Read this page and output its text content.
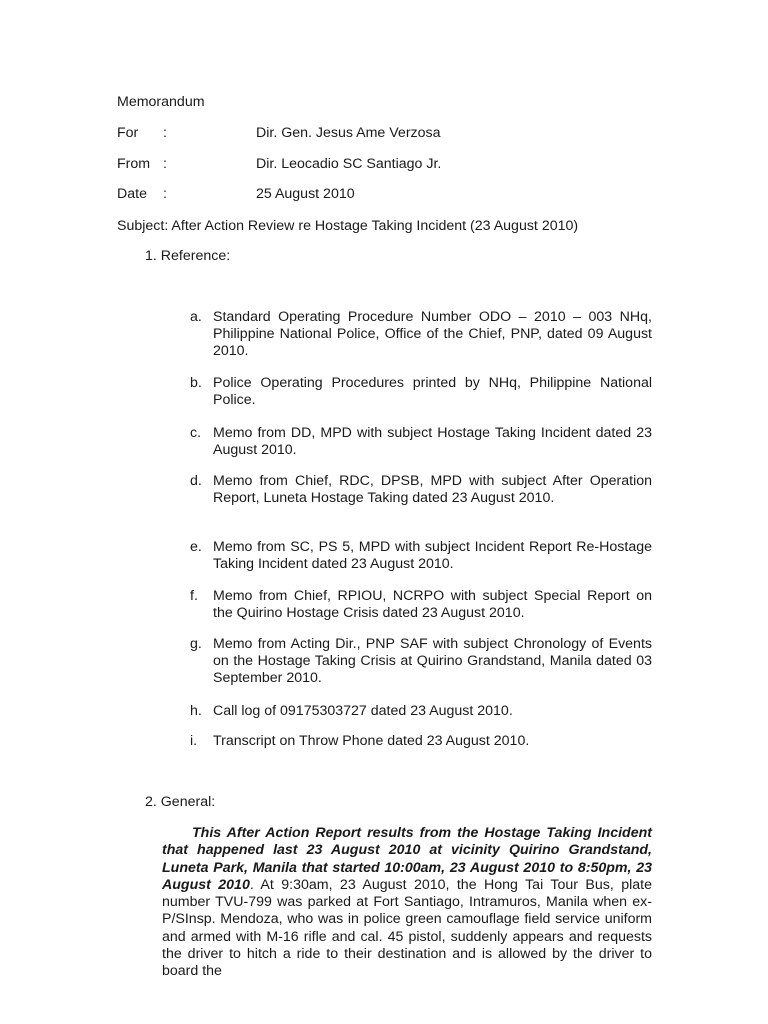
Memorandum
For :	Dir. Gen. Jesus Ame Verzosa
From :	Dir. Leocadio SC Santiago Jr.
Date :	25 August 2010
Subject: After Action Review re Hostage Taking Incident (23 August 2010)
1. Reference:
a. Standard Operating Procedure Number ODO – 2010 – 003 NHq, Philippine National Police, Office of the Chief, PNP, dated 09 August 2010.
b. Police Operating Procedures printed by NHq, Philippine National Police.
c. Memo from DD, MPD with subject Hostage Taking Incident dated 23 August 2010.
d. Memo from Chief, RDC, DPSB, MPD with subject After Operation Report, Luneta Hostage Taking dated 23 August 2010.
e. Memo from SC, PS 5, MPD with subject Incident Report Re-Hostage Taking Incident dated 23 August 2010.
f. Memo from Chief, RPIOU, NCRPO with subject Special Report on the Quirino Hostage Crisis dated 23 August 2010.
g. Memo from Acting Dir., PNP SAF with subject Chronology of Events on the Hostage Taking Crisis at Quirino Grandstand, Manila dated 03 September 2010.
h. Call log of 09175303727 dated 23 August 2010.
i. Transcript on Throw Phone dated 23 August 2010.
2. General:
This After Action Report results from the Hostage Taking Incident that happened last 23 August 2010 at vicinity Quirino Grandstand, Luneta Park, Manila that started 10:00am, 23 August 2010 to 8:50pm, 23 August 2010. At 9:30am, 23 August 2010, the Hong Tai Tour Bus, plate number TVU-799 was parked at Fort Santiago, Intramuros, Manila when ex-P/SInsp. Mendoza, who was in police green camouflage field service uniform and armed with M-16 rifle and cal. 45 pistol, suddenly appears and requests the driver to hitch a ride to their destination and is allowed by the driver to board the
